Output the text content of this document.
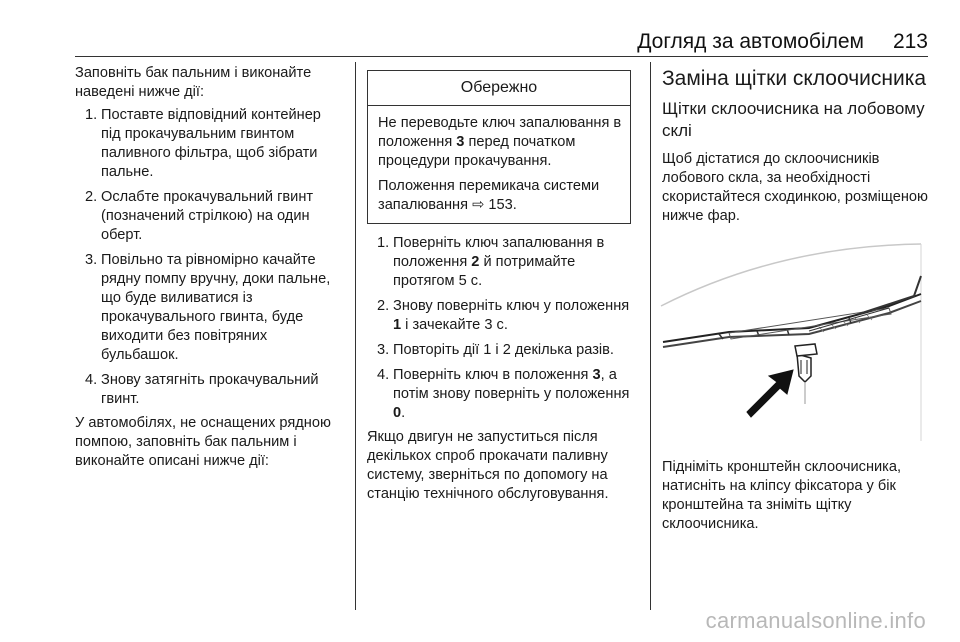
Догляд за автомобілем 213

Заповніть бак пальним і виконайте наведені нижче дії:

1. Поставте відповідний контейнер під прокачувальним гвинтом паливного фільтра, щоб зібрати пальне.
2. Ослабте прокачувальний гвинт (позначений стрілкою) на один оберт.
3. Повільно та рівномірно качайте рядну помпу вручну, доки пальне, що буде виливатися із прокачувального гвинта, буде виходити без повітряних бульбашок.
4. Знову затягніть прокачувальний гвинт.

У автомобілях, не оснащених рядною помпою, заповніть бак пальним і виконайте описані нижче дії:

Обережно

Не переводьте ключ запалювання в положення 3 перед початком процедури прокачування.

Положення перемикача системи запалювання ⇨ 153.

1. Поверніть ключ запалювання в положення 2 й потримайте протягом 5 с.
2. Знову поверніть ключ у положення 1 і зачекайте 3 с.
3. Повторіть дії 1 і 2 декілька разів.
4. Поверніть ключ в положення 3, а потім знову поверніть у положення 0.

Якщо двигун не запуститься після декількох спроб прокачати паливну систему, зверніться по допомогу на станцію технічного обслуговування.

Заміна щітки склоочисника
Щітки склоочисника на лобовому склі

Щоб дістатися до склоочисників лобового скла, за необхідності скористайтеся сходинкою, розміщеною нижче фар.

Підніміть кронштейн склоочисника, натисніть на кліпсу фіксатора у бік кронштейна та зніміть щітку склоочисника.

carmanualsonline.info
